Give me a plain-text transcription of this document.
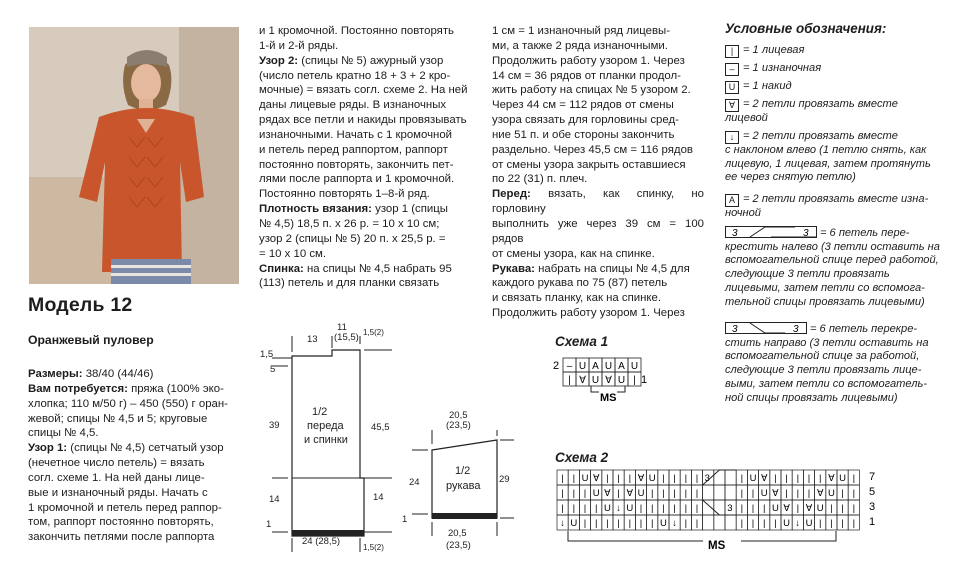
Модель 12
Оранжевый пуловер

Размеры: 38/40 (44/46)

Вам потребуется: пряжа (100% эко-

хлопка; 110 м/50 г) – 450 (550) г оран-

жевой; спицы № 4,5 и 5; круговые

спицы № 4,5.

Узор 1: (спицы № 4,5) сетчатый узор

(нечетное число петель) = вязать

согл. схеме 1. На ней даны лице-

вые и изнаночный ряды. Начать с

1 кромочной и петель перед раппор-

том, раппорт постоянно повторять,

закончить петлями после раппорта

и 1 кромочной. Постоянно повторять

1-й и 2-й ряды.

Узор 2: (спицы № 5) ажурный узор

(число петель кратно 18 + 3 + 2 кро-

мочные) = вязать согл. схеме 2. На ней

даны лицевые ряды. В изнаночных

рядах все петли и накиды провязывать

изнаночными. Начать с 1 кромочной

и петель перед раппортом, раппорт

постоянно повторять, закончить пет-

лями после раппорта и 1 кромочной.

Постоянно повторять 1–8-й ряд.

Плотность вязания: узор 1 (спицы

№ 4,5) 18,5 п. х 26 р. = 10 х 10 см;

узор 2 (спицы № 5) 20 п. х 25,5 р. =

= 10 х 10 см.

Спинка: на спицы № 4,5 набрать 95

(113) петель и для планки связать

1 см = 1 изнаночный ряд лицевы-

ми, а также 2 ряда изнаночными.

Продолжить работу узором 1. Через

14 см = 36 рядов от планки продол-

жить работу на спицах № 5 узором 2.

Через 44 см = 112 рядов от смены

узора связать для горловины сред-

ние 51 п. и обе стороны закончить

раздельно. Через 45,5 см = 116 рядов

от смены узора закрыть оставшиеся

по 22 (31) п. плеч.

Перед: вязать, как спинку, но горловину

выполнить уже через 39 см = 100 рядов

от смены узора, как на спинке.

Рукава: набрать на спицы № 4,5 для

каждого рукава по 75 (87) петель

и связать планку, как на спинке.

Продолжить работу узором 1. Через

Условные обозначения:
| = 1 лицевая
– = 1 изнаночная
U = 1 накид
∀ = 2 петли провязать вместе
лицевой
↓ = 2 петли провязать вместе
с наклоном влево (1 петлю снять, как
лицевую, 1 лицевая, затем протянуть
ее через снятую петлю)
A = 2 петли провязать вместе изна-
ночной
3	3 = 6 петель пере-
крестить налево (3 петли оставить на
вспомогательной спице перед работой,
следующие 3 петли провязать
лицевыми, затем петли со вспомога-
тельной спицы провязать лицевыми)
3	3 = 6 петель перекре-
стить направо (3 петли оставить на
вспомогательной спице за работой,
следующие 3 петли провязать лице-
выми, затем петли со вспомогатель-
ной спицы провязать лицевыми)
Схема 1
2
1
– U A U A U
| ∀ U ∀ U |
MS
Схема 2
| | U ∀ | | | ∀ U | | | |	| U ∀ | | | | | ∀ U |
| | | U ∀ | ∀ U | | | | |	| | U ∀ | | | ∀ U | |
| | | | U ↓ U | | | | | |	| | | U ∀ | ∀ U | | |
↓ U | | | | | | | U ↓ | |	| | | | U ↓ U | | | |
3
3
7
5
3
1
MS
13
11
(15,5) 1,5(2)
1,5
5
39
14
1
1/2
переда
и спинки
45,5
14
24 (28,5)
1,5(2)
20,5
(23,5)
24
1
1/2
рукава
29
20,5
(23,5)
